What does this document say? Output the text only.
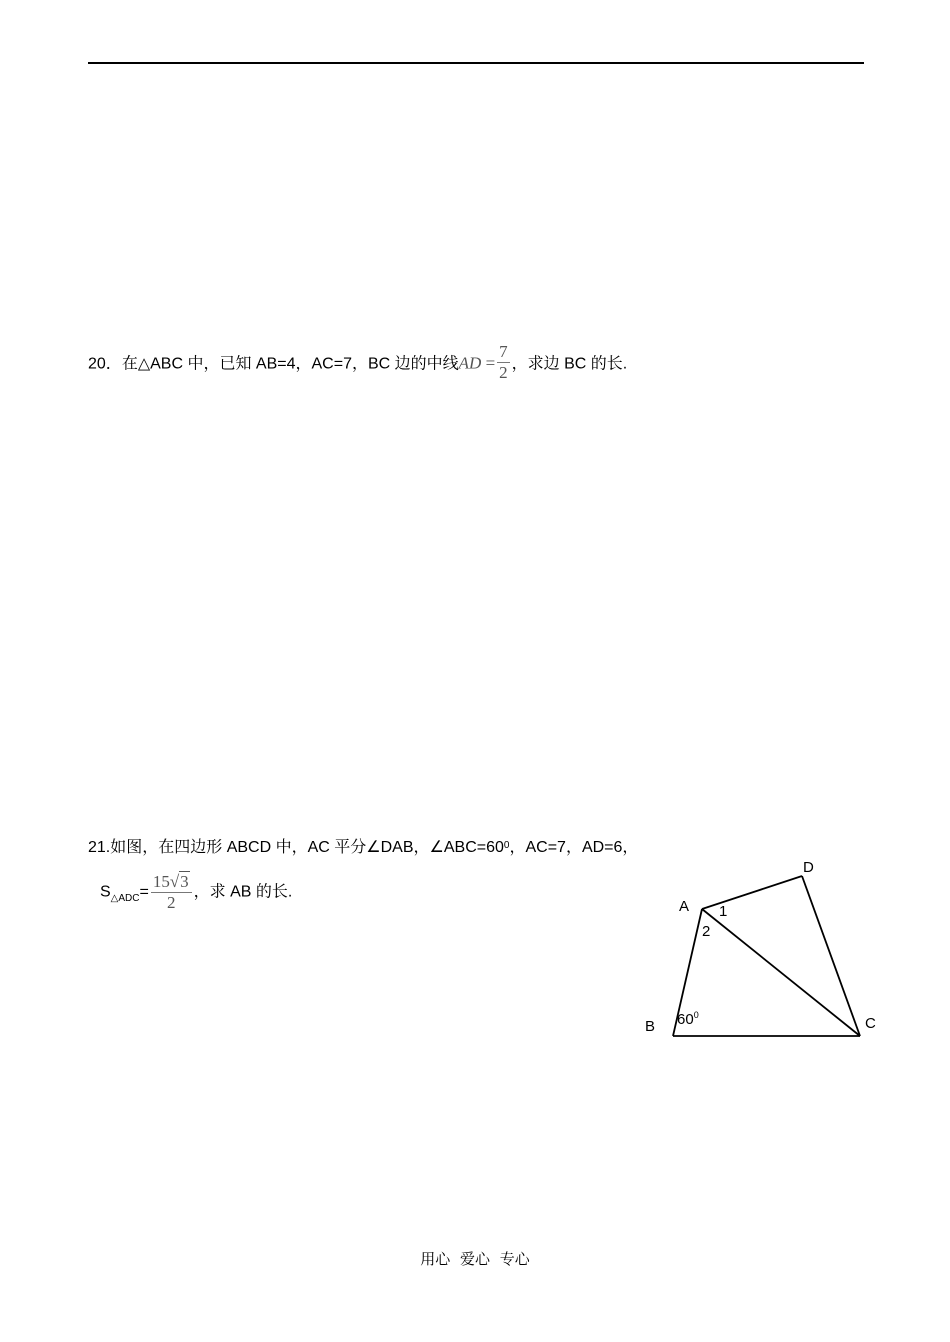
20．在△ABC 中，已知 AB=4，AC=7，BC 边的中线AD = $\frac{7}{2}$ ，求边 BC 的长.
21.如图，在四边形 ABCD 中，AC 平分∠DAB，$\angle ABC=60^0$，AC=7，AD=6，
$S_{\triangle ADC}= \frac{15√3}{2}$ ，求 AB 的长.
A
B	C
D
1
2
$60^0$
用心 爱心 专心
